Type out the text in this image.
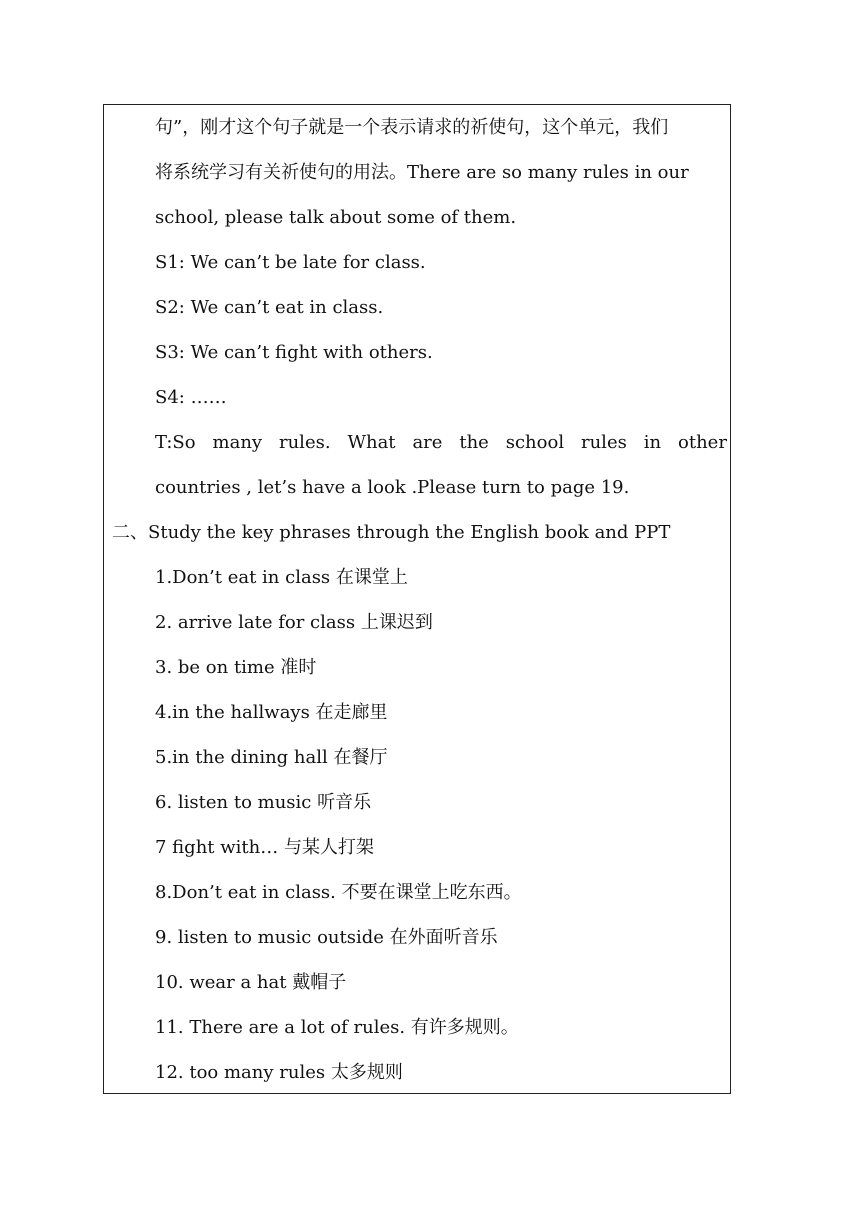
句”，刚才这个句子就是一个表示请求的祈使句，这个单元，我们
将系统学习有关祈使句的用法。There are so many rules in our
school, please talk about some of them.
S1: We can’t be late for class.
S2: We can’t eat in class.
S3: We can’t fight with others.
S4: ……
T:So many rules. What are the school rules in other
countries , let’s have a look .Please turn to page 19.
二、Study the key phrases through the English book and PPT
1.Don’t eat in class 在课堂上
2. arrive late for class 上课迟到
3. be on time 准时
4.in the hallways 在走廊里
5.in the dining hall 在餐厅
6. listen to music 听音乐
7 fight with… 与某人打架
8.Don’t eat in class. 不要在课堂上吃东西。
9. listen to music outside 在外面听音乐
10. wear a hat 戴帽子
11. There are a lot of rules. 有许多规则。
12. too many rules 太多规则
